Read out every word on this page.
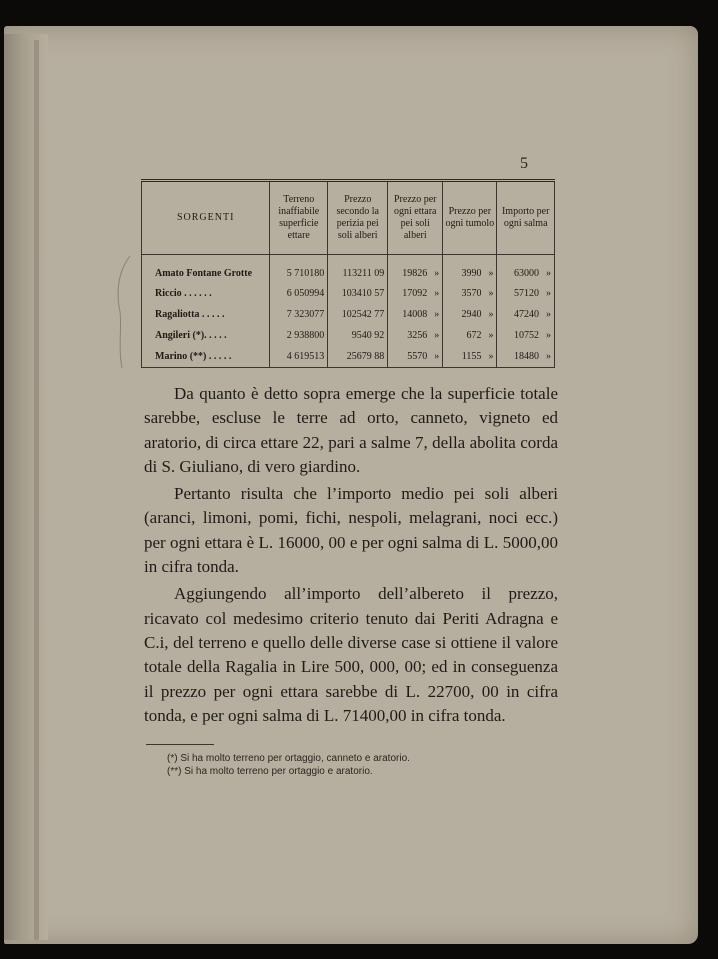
5
SORGENTI	Terreno inaffiabile superficie ettare	Prezzo secondo la perizia pei soli alberi	Prezzo per ogni ettara pei soli alberi	Prezzo per ogni tumolo	Importo per ogni salma
Amato Fontane Grotte	5 710180	113211 09	19826 »	3990 »	63000 »
Riccio . . . . . .	6 050994	103410 57	17092 »	3570 »	57120 »
Ragaliotta . . . . .	7 323077	102542 77	14008 »	2940 »	47240 »
Angileri (*). . . . .	2 938800	9540 92	3256 »	672 »	10752 »
Marino (**) . . . . .	4 619513	25679 88	5570 »	1155 »	18480 »

Da quanto è detto sopra emerge che la superficie totale sarebbe, escluse le terre ad orto, canneto, vigneto ed aratorio, di circa ettare 22, pari a salme 7, della abolita corda di S. Giuliano, di vero giardino.

Pertanto risulta che l’importo medio pei soli alberi (aranci, limoni, pomi, fichi, nespoli, melagrani, noci ecc.) per ogni ettara è L. 16000, 00 e per ogni salma di L. 5000,00 in cifra tonda.

Aggiungendo all’importo dell’albereto il prezzo, ricavato col medesimo criterio tenuto dai Periti Adragna e C.i, del terreno e quello delle diverse case si ottiene il valore totale della Ragalia in Lire 500, 000, 00; ed in conseguenza il prezzo per ogni ettara sarebbe di L. 22700, 00 in cifra tonda, e per ogni salma di L. 71400,00 in cifra tonda.

(*) Si ha molto terreno per ortaggio, canneto e aratorio.
(**) Si ha molto terreno per ortaggio e aratorio.
